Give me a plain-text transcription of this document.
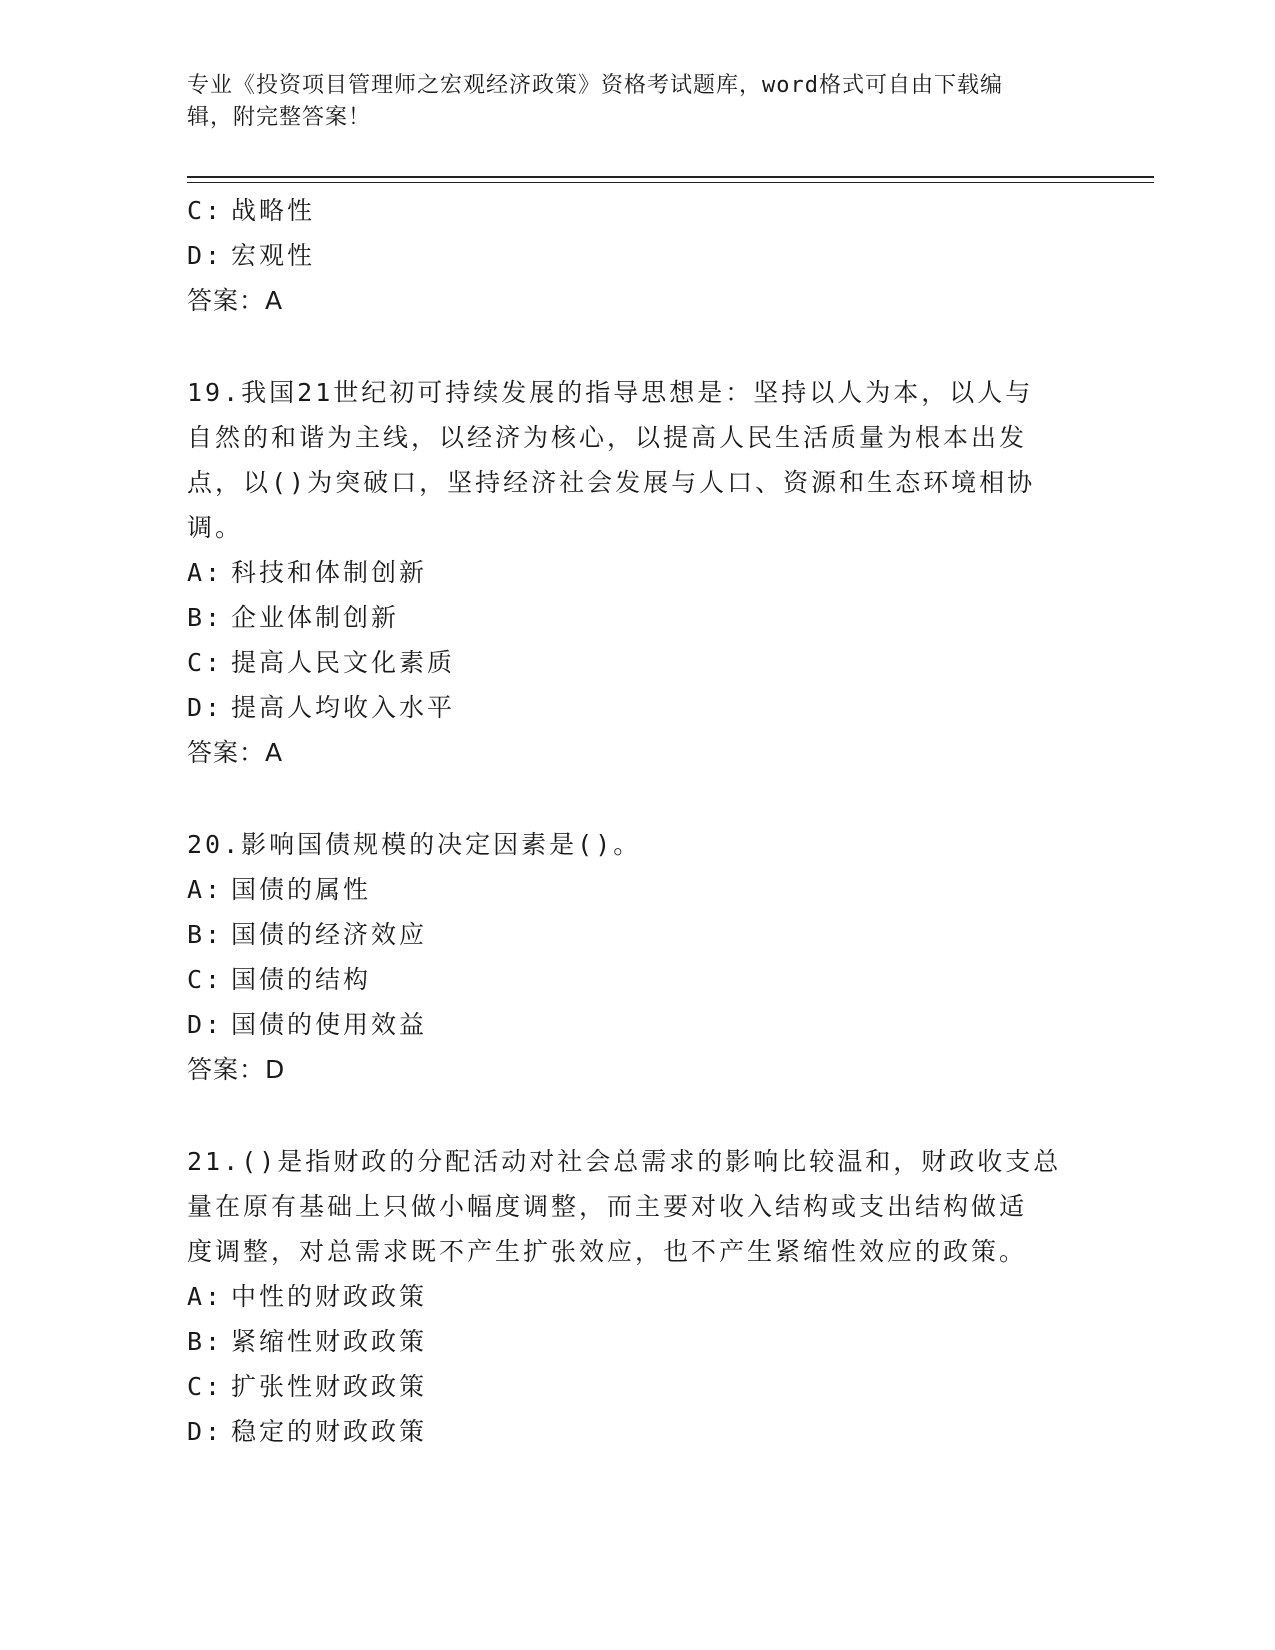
专业《投资项目管理师之宏观经济政策》资格考试题库，word格式可自由下载编
辑，附完整答案！
C: 战略性
D: 宏观性
答案：A
19.我国21世纪初可持续发展的指导思想是：坚持以人为本，以人与
自然的和谐为主线，以经济为核心，以提高人民生活质量为根本出发
点，以()为突破口，坚持经济社会发展与人口、资源和生态环境相协
调。
A: 科技和体制创新
B: 企业体制创新
C: 提高人民文化素质
D: 提高人均收入水平
答案：A
20.影响国债规模的决定因素是()。
A: 国债的属性
B: 国债的经济效应
C: 国债的结构
D: 国债的使用效益
答案：D
21.()是指财政的分配活动对社会总需求的影响比较温和，财政收支总
量在原有基础上只做小幅度调整，而主要对收入结构或支出结构做适
度调整，对总需求既不产生扩张效应，也不产生紧缩性效应的政策。
A: 中性的财政政策
B: 紧缩性财政政策
C: 扩张性财政政策
D: 稳定的财政政策
